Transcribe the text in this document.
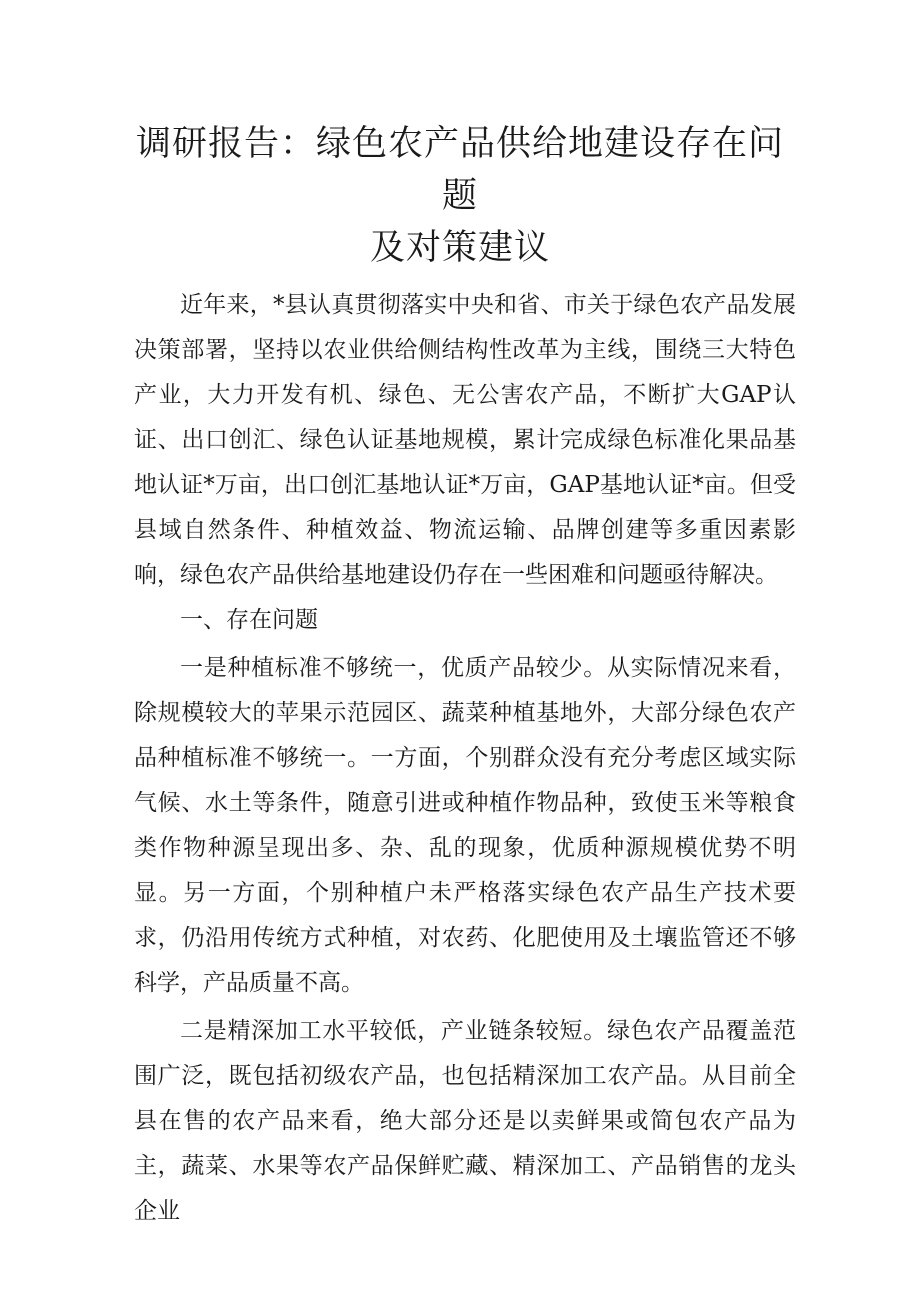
调研报告：绿色农产品供给地建设存在问题
及对策建议

近年来，*县认真贯彻落实中央和省、市关于绿色农产品发展决策部署，坚持以农业供给侧结构性改革为主线，围绕三大特色产业，大力开发有机、绿色、无公害农产品，不断扩大GAP认证、出口创汇、绿色认证基地规模，累计完成绿色标准化果品基地认证*万亩，出口创汇基地认证*万亩，GAP基地认证*亩。但受县域自然条件、种植效益、物流运输、品牌创建等多重因素影响，绿色农产品供给基地建设仍存在一些困难和问题亟待解决。

一、存在问题

一是种植标准不够统一，优质产品较少。从实际情况来看，除规模较大的苹果示范园区、蔬菜种植基地外，大部分绿色农产品种植标准不够统一。一方面，个别群众没有充分考虑区域实际气候、水土等条件，随意引进或种植作物品种，致使玉米等粮食类作物种源呈现出多、杂、乱的现象，优质种源规模优势不明显。另一方面，个别种植户未严格落实绿色农产品生产技术要求，仍沿用传统方式种植，对农药、化肥使用及土壤监管还不够科学，产品质量不高。

二是精深加工水平较低，产业链条较短。绿色农产品覆盖范围广泛，既包括初级农产品，也包括精深加工农产品。从目前全县在售的农产品来看，绝大部分还是以卖鲜果或简包农产品为主，蔬菜、水果等农产品保鲜贮藏、精深加工、产品销售的龙头企业
